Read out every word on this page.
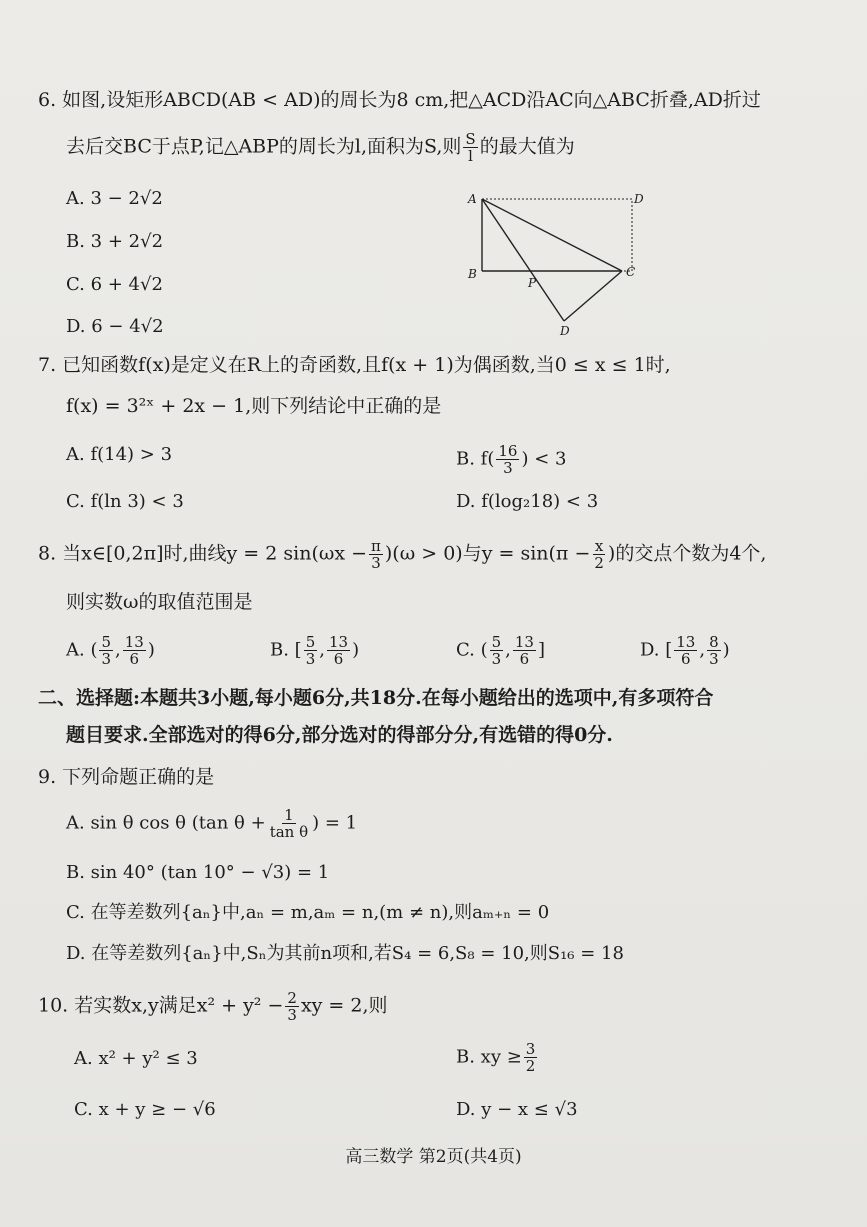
6. 如图,设矩形ABCD(AB < AD)的周长为8 cm,把△ACD沿AC向△ABC折叠,AD折过
去后交BC于点P,记△ABP的周长为l,面积为S,则 $\frac{S}{l}$ 的最大值为
A. 3 − 2√2
B. 3 + 2√2
C. 6 + 4√2
D. 6 − 4√2
A	D
B
P
C
D
7. 已知函数f(x)是定义在R上的奇函数,且f(x + 1)为偶函数,当0 ≤ x ≤ 1时,
f(x) = 3²ˣ + 2x − 1,则下列结论中正确的是
A. f(14) > 3	B. $f( \frac{16}{3}$ ) < 3
C. f(ln 3) < 3	D. f(log₂18) < 3
8. 当x∈[0,2π]时,曲线y = 2 $\sin(\omega x - \frac{\pi}{3} )(\omega > 0)$与$y = \sin(\pi - \frac{x}{2}$ )的交点个数为4个,
则实数ω的取值范围是
A. ( $\frac{5}{3}$ , $\frac{13}{6}$ )	B. [ $\frac{5}{3}$ , $\frac{13}{6}$ )	C. ( $\frac{5}{3}$ , $\frac{13}{6}$ ]	D. [ $\frac{13}{6}$ , $\frac{8}{3}$ )
二、选择题:本题共3小题,每小题6分,共18分.在每小题给出的选项中,有多项符合
题目要求.全部选对的得6分,部分选对的得部分分,有选错的得0分.
9. 下列命题正确的是
A. sin θ cos θ (tan $\theta + \frac{1}{\text{tan θ}}$ ) = 1
B. sin 40° (tan 10° − √3) = 1
C. 在等差数列{aₙ}中,aₙ = m,aₘ = n,(m ≠ n),则aₘ₊ₙ = 0
D. 在等差数列{aₙ}中,Sₙ为其前n项和,若S₄ = 6,S₈ = 10,则S₁₆ = 18
10. 若实数x,y满足$x^2 + y^2 - \frac{2}{3}$ xy = 2,则
A. x² + y² ≤ 3	B. xy ≥ $\frac{3}{2}$
C. x + y ≥ − √6	D. y − x ≤ √3
高三数学 第2页(共4页)
